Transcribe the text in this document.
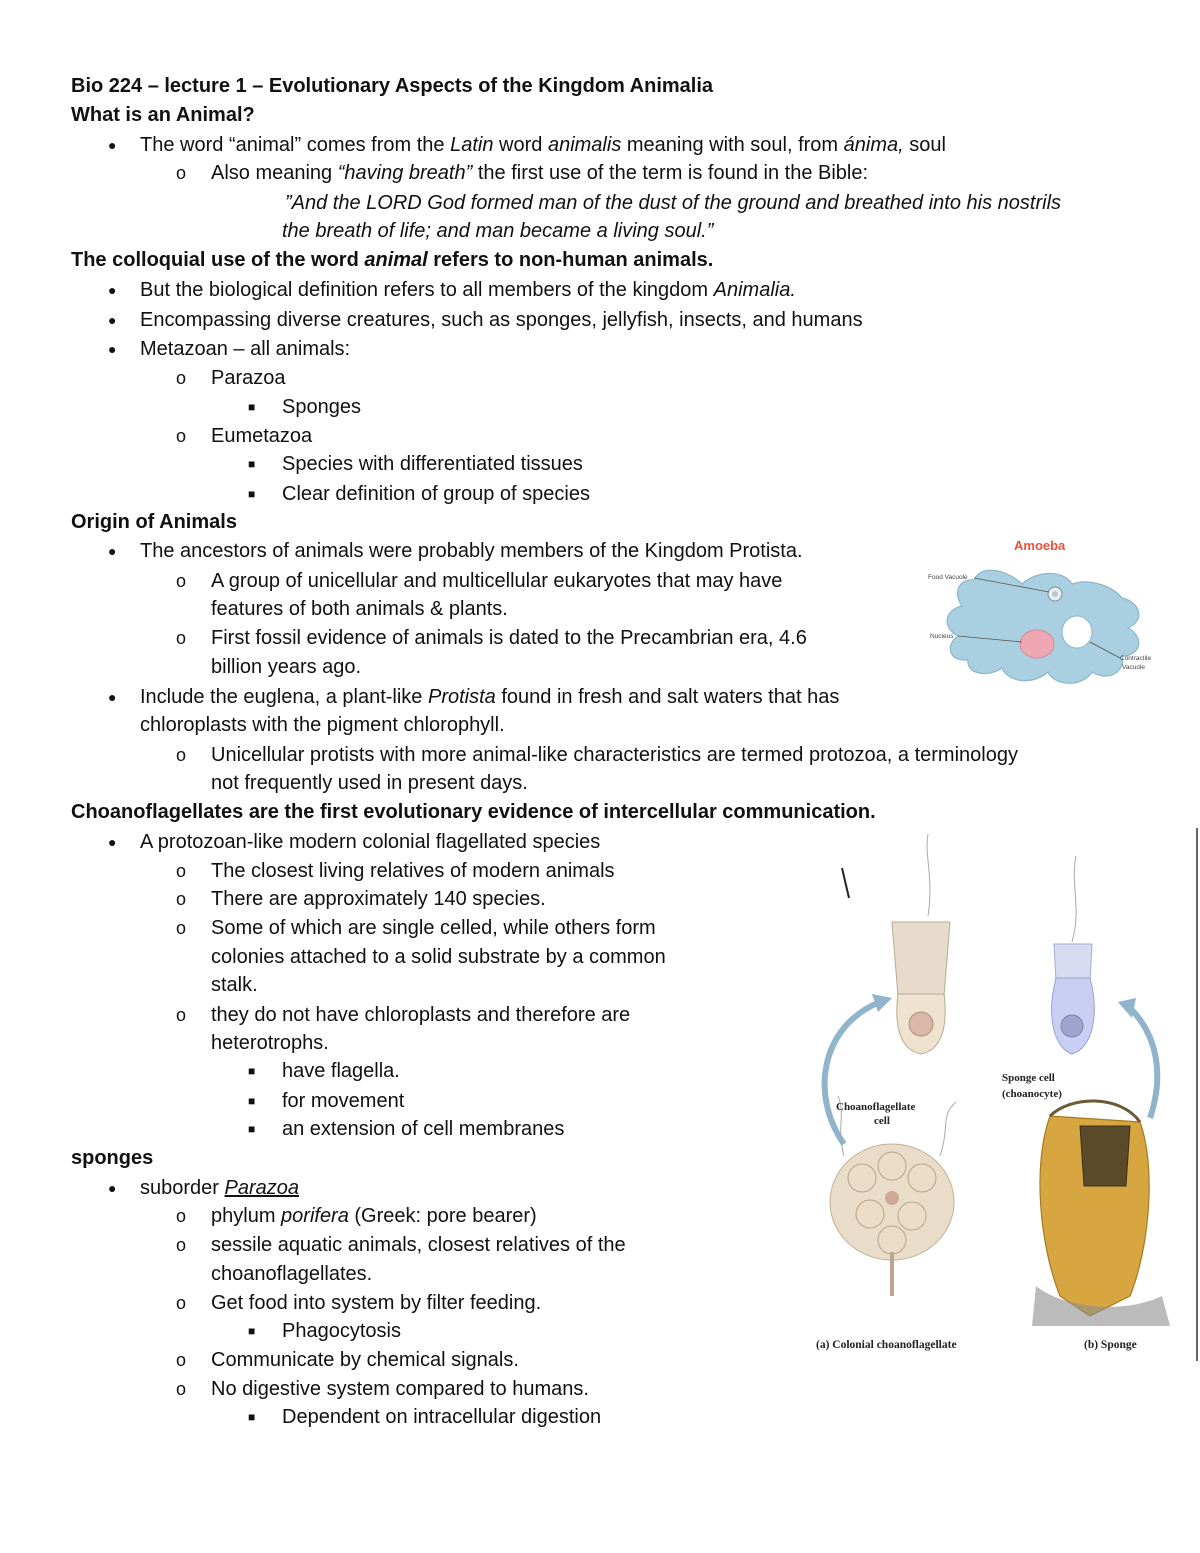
Bio 224 – lecture 1 – Evolutionary Aspects of the Kingdom Animalia
What is an Animal?
● The word “animal” comes from the Latin word animalis meaning with soul, from ánima, soul
o Also meaning “having breath” the first use of the term is found in the Bible:
”And the LORD God formed man of the dust of the ground and breathed into his nostrils
the breath of life; and man became a living soul.”
The colloquial use of the word animal refers to non-human animals.
● But the biological definition refers to all members of the kingdom Animalia.
● Encompassing diverse creatures, such as sponges, jellyfish, insects, and humans
● Metazoan – all animals:
o Parazoa
■ Sponges
o Eumetazoa
■ Species with differentiated tissues
■ Clear definition of group of species
Origin of Animals
● The ancestors of animals were probably members of the Kingdom Protista.
o A group of unicellular and multicellular eukaryotes that may have
features of both animals & plants.
o First fossil evidence of animals is dated to the Precambrian era, 4.6
billion years ago.
● Include the euglena, a plant-like Protista found in fresh and salt waters that has
chloroplasts with the pigment chlorophyll.
o Unicellular protists with more animal-like characteristics are termed protozoa, a terminology
not frequently used in present days.
Choanoflagellates are the first evolutionary evidence of intercellular communication.
● A protozoan-like modern colonial flagellated species
o The closest living relatives of modern animals
o There are approximately 140 species.
o Some of which are single celled, while others form
colonies attached to a solid substrate by a common
stalk.
o they do not have chloroplasts and therefore are
heterotrophs.
■ have flagella.
■ for movement
■ an extension of cell membranes
sponges
● suborder Parazoa
o phylum porifera (Greek: pore bearer)
o sessile aquatic animals, closest relatives of the
choanoflagellates.
o Get food into system by filter feeding.
■ Phagocytosis
o Communicate by chemical signals.
o No digestive system compared to humans.
■ Dependent on intracellular digestion
Amoeba
Food Vacuole
Nucleus
Contractile
Vacuole
Choanoflagellate
cell
Sponge cell
(choanocyte)
(a) Colonial choanoflagellate	(b) Sponge
